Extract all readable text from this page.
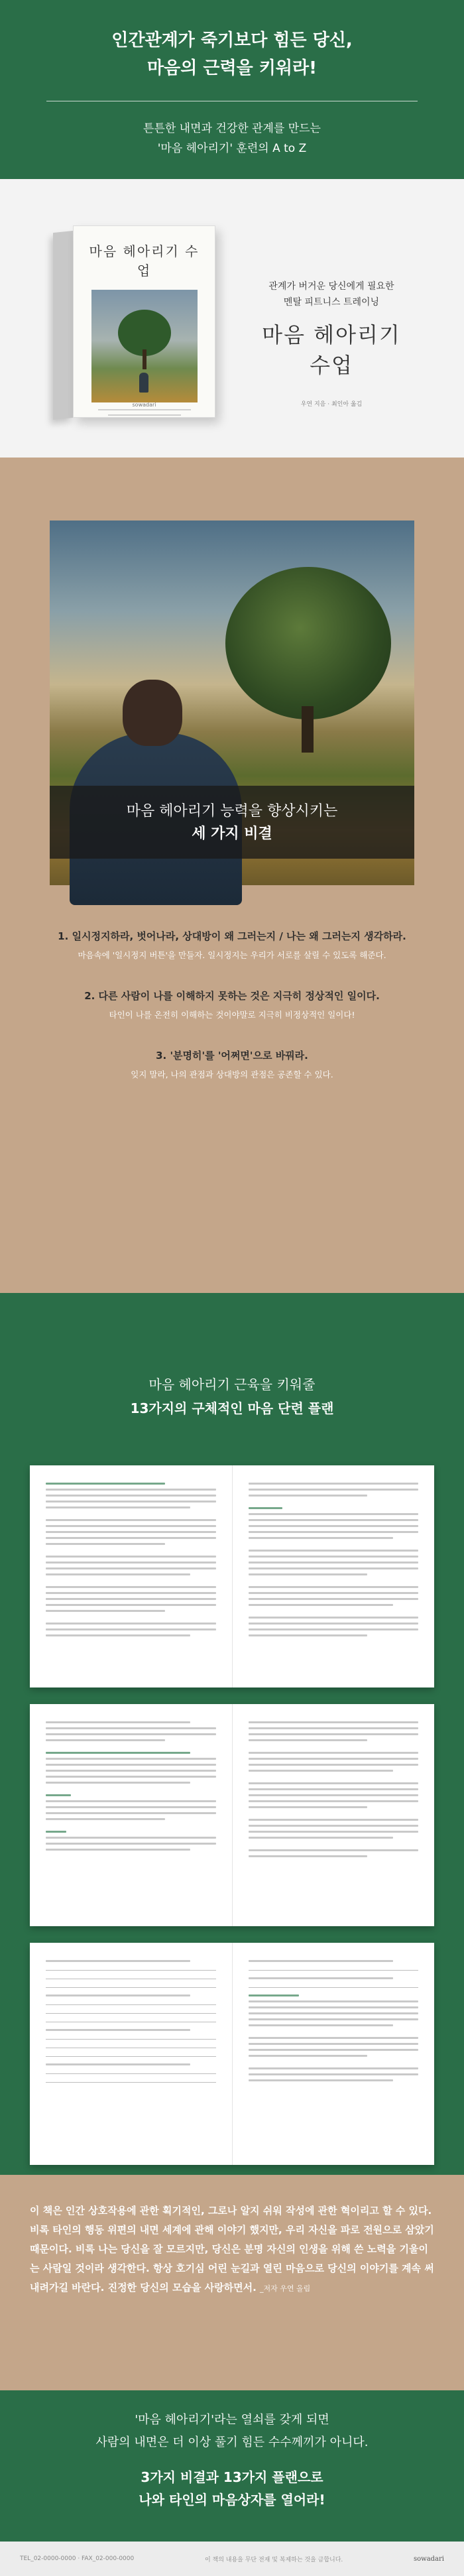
인간관계가 죽기보다 힘든 당신,
마음의 근력을 키워라!
튼튼한 내면과 건강한 관계를 만드는
'마음 헤아리기' 훈련의 A to Z
마음 헤아리기 수업
sowadari
관계가 버거운 당신에게 필요한
멘탈 피트니스 트레이닝
마음 헤아리기
수업
우연 지음 · 최인아 옮김
마음 헤아리기 능력을 향상시키는
세 가지 비결
1. 일시정지하라, 벗어나라, 상대방이 왜 그러는지 / 나는 왜 그러는지 생각하라.
마음속에 '일시정지 버튼'을 만들자. 일시정지는 우리가 서로를 살릴 수 있도록 해준다.
2. 다른 사람이 나를 이해하지 못하는 것은 지극히 정상적인 일이다.
타인이 나를 온전히 이해하는 것이야말로 지극히 비정상적인 일이다!
3. '분명히'를 '어쩌면'으로 바꿔라.
잊지 말라, 나의 관점과 상대방의 관점은 공존할 수 있다.
마음 헤아리기 근육을 키워줄
13가지의 구체적인 마음 단련 플랜

이 책은 인간 상호작용에 관한 획기적인, 그로나 알지 쉬워 작성에 관한 혁이리고 할 수 있다. 비록 타인의 행동 위편의 내면 세계에 관해 이야기 했지만, 우리 자신을 파로 전원으로 삼았기 때문이다. 비록 나는 당신을 잘 모르지만, 당신은 분명 자신의 인생을 위해 쓴 노력을 기울이는 사람일 것이라 생각한다. 항상 호기심 어린 눈길과 열린 마음으로 당신의 이야기를 계속 써 내려가길 바란다. 진정한 당신의 모습을 사랑하면서. _저자 우연 올림

'마음 헤아리기'라는 열쇠를 갖게 되면
사람의 내면은 더 이상 풀기 힘든 수수께끼가 아니다.
3가지 비결과 13가지 플랜으로
나와 타인의 마음상자를 열어라!
TEL_02-0000-0000 · FAX_02-000-0000	이 책의 내용을 무단 전재 및 복제하는 것을 금합니다.	sowadari
